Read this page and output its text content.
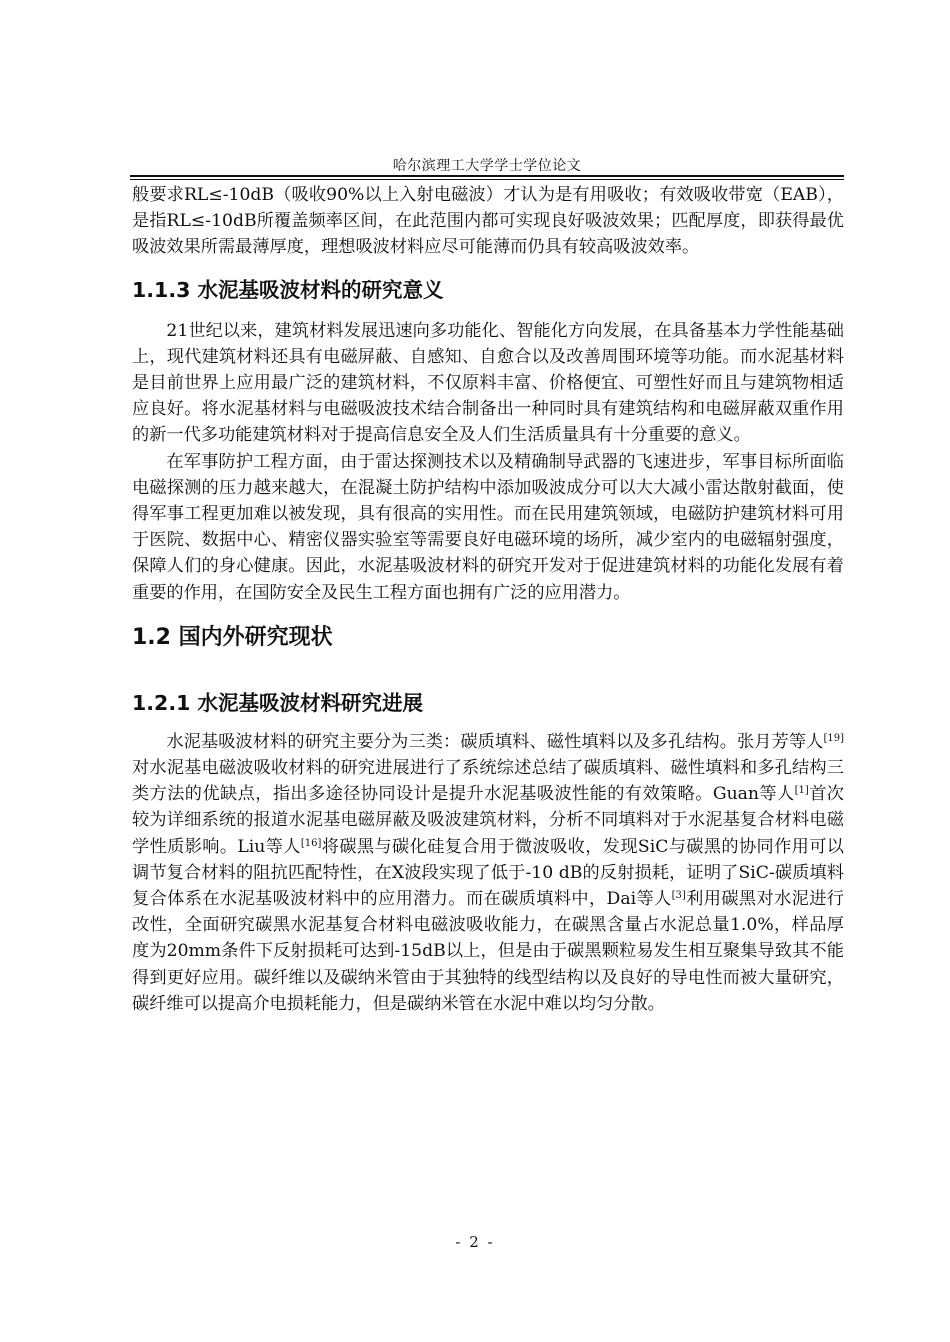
哈尔滨理工大学学士学位论文

般要求RL≤-10dB（吸收90%以上入射电磁波）才认为是有用吸收；有效吸收带宽（EAB），是指RL≤-10dB所覆盖频率区间，在此范围内都可实现良好吸波效果；匹配厚度，即获得最优吸波效果所需最薄厚度，理想吸波材料应尽可能薄而仍具有较高吸波效率。

1.1.3 水泥基吸波材料的研究意义

21世纪以来，建筑材料发展迅速向多功能化、智能化方向发展，在具备基本力学性能基础上，现代建筑材料还具有电磁屏蔽、自感知、自愈合以及改善周围环境等功能。而水泥基材料是目前世界上应用最广泛的建筑材料，不仅原料丰富、价格便宜、可塑性好而且与建筑物相适应良好。将水泥基材料与电磁吸波技术结合制备出一种同时具有建筑结构和电磁屏蔽双重作用的新一代多功能建筑材料对于提高信息安全及人们生活质量具有十分重要的意义。

在军事防护工程方面，由于雷达探测技术以及精确制导武器的飞速进步，军事目标所面临电磁探测的压力越来越大，在混凝土防护结构中添加吸波成分可以大大减小雷达散射截面，使得军事工程更加难以被发现，具有很高的实用性。而在民用建筑领域，电磁防护建筑材料可用于医院、数据中心、精密仪器实验室等需要良好电磁环境的场所，减少室内的电磁辐射强度，保障人们的身心健康。因此，水泥基吸波材料的研究开发对于促进建筑材料的功能化发展有着重要的作用，在国防安全及民生工程方面也拥有广泛的应用潜力。

1.2 国内外研究现状
1.2.1 水泥基吸波材料研究进展

水泥基吸波材料的研究主要分为三类：碳质填料、磁性填料以及多孔结构。张月芳等人[19]对水泥基电磁波吸收材料的研究进展进行了系统综述总结了碳质填料、磁性填料和多孔结构三类方法的优缺点，指出多途径协同设计是提升水泥基吸波性能的有效策略。Guan等人[1]首次较为详细系统的报道水泥基电磁屏蔽及吸波建筑材料，分析不同填料对于水泥基复合材料电磁学性质影响。Liu等人[16]将碳黑与碳化硅复合用于微波吸收，发现SiC与碳黑的协同作用可以调节复合材料的阻抗匹配特性，在X波段实现了低于-10 dB的反射损耗，证明了SiC-碳质填料复合体系在水泥基吸波材料中的应用潜力。而在碳质填料中，Dai等人[3]利用碳黑对水泥进行改性，全面研究碳黑水泥基复合材料电磁波吸收能力，在碳黑含量占水泥总量1.0%，样品厚度为20mm条件下反射损耗可达到-15dB以上，但是由于碳黑颗粒易发生相互聚集导致其不能得到更好应用。碳纤维以及碳纳米管由于其独特的线型结构以及良好的导电性而被大量研究，碳纤维可以提高介电损耗能力，但是碳纳米管在水泥中难以均匀分散。

- 2 -
